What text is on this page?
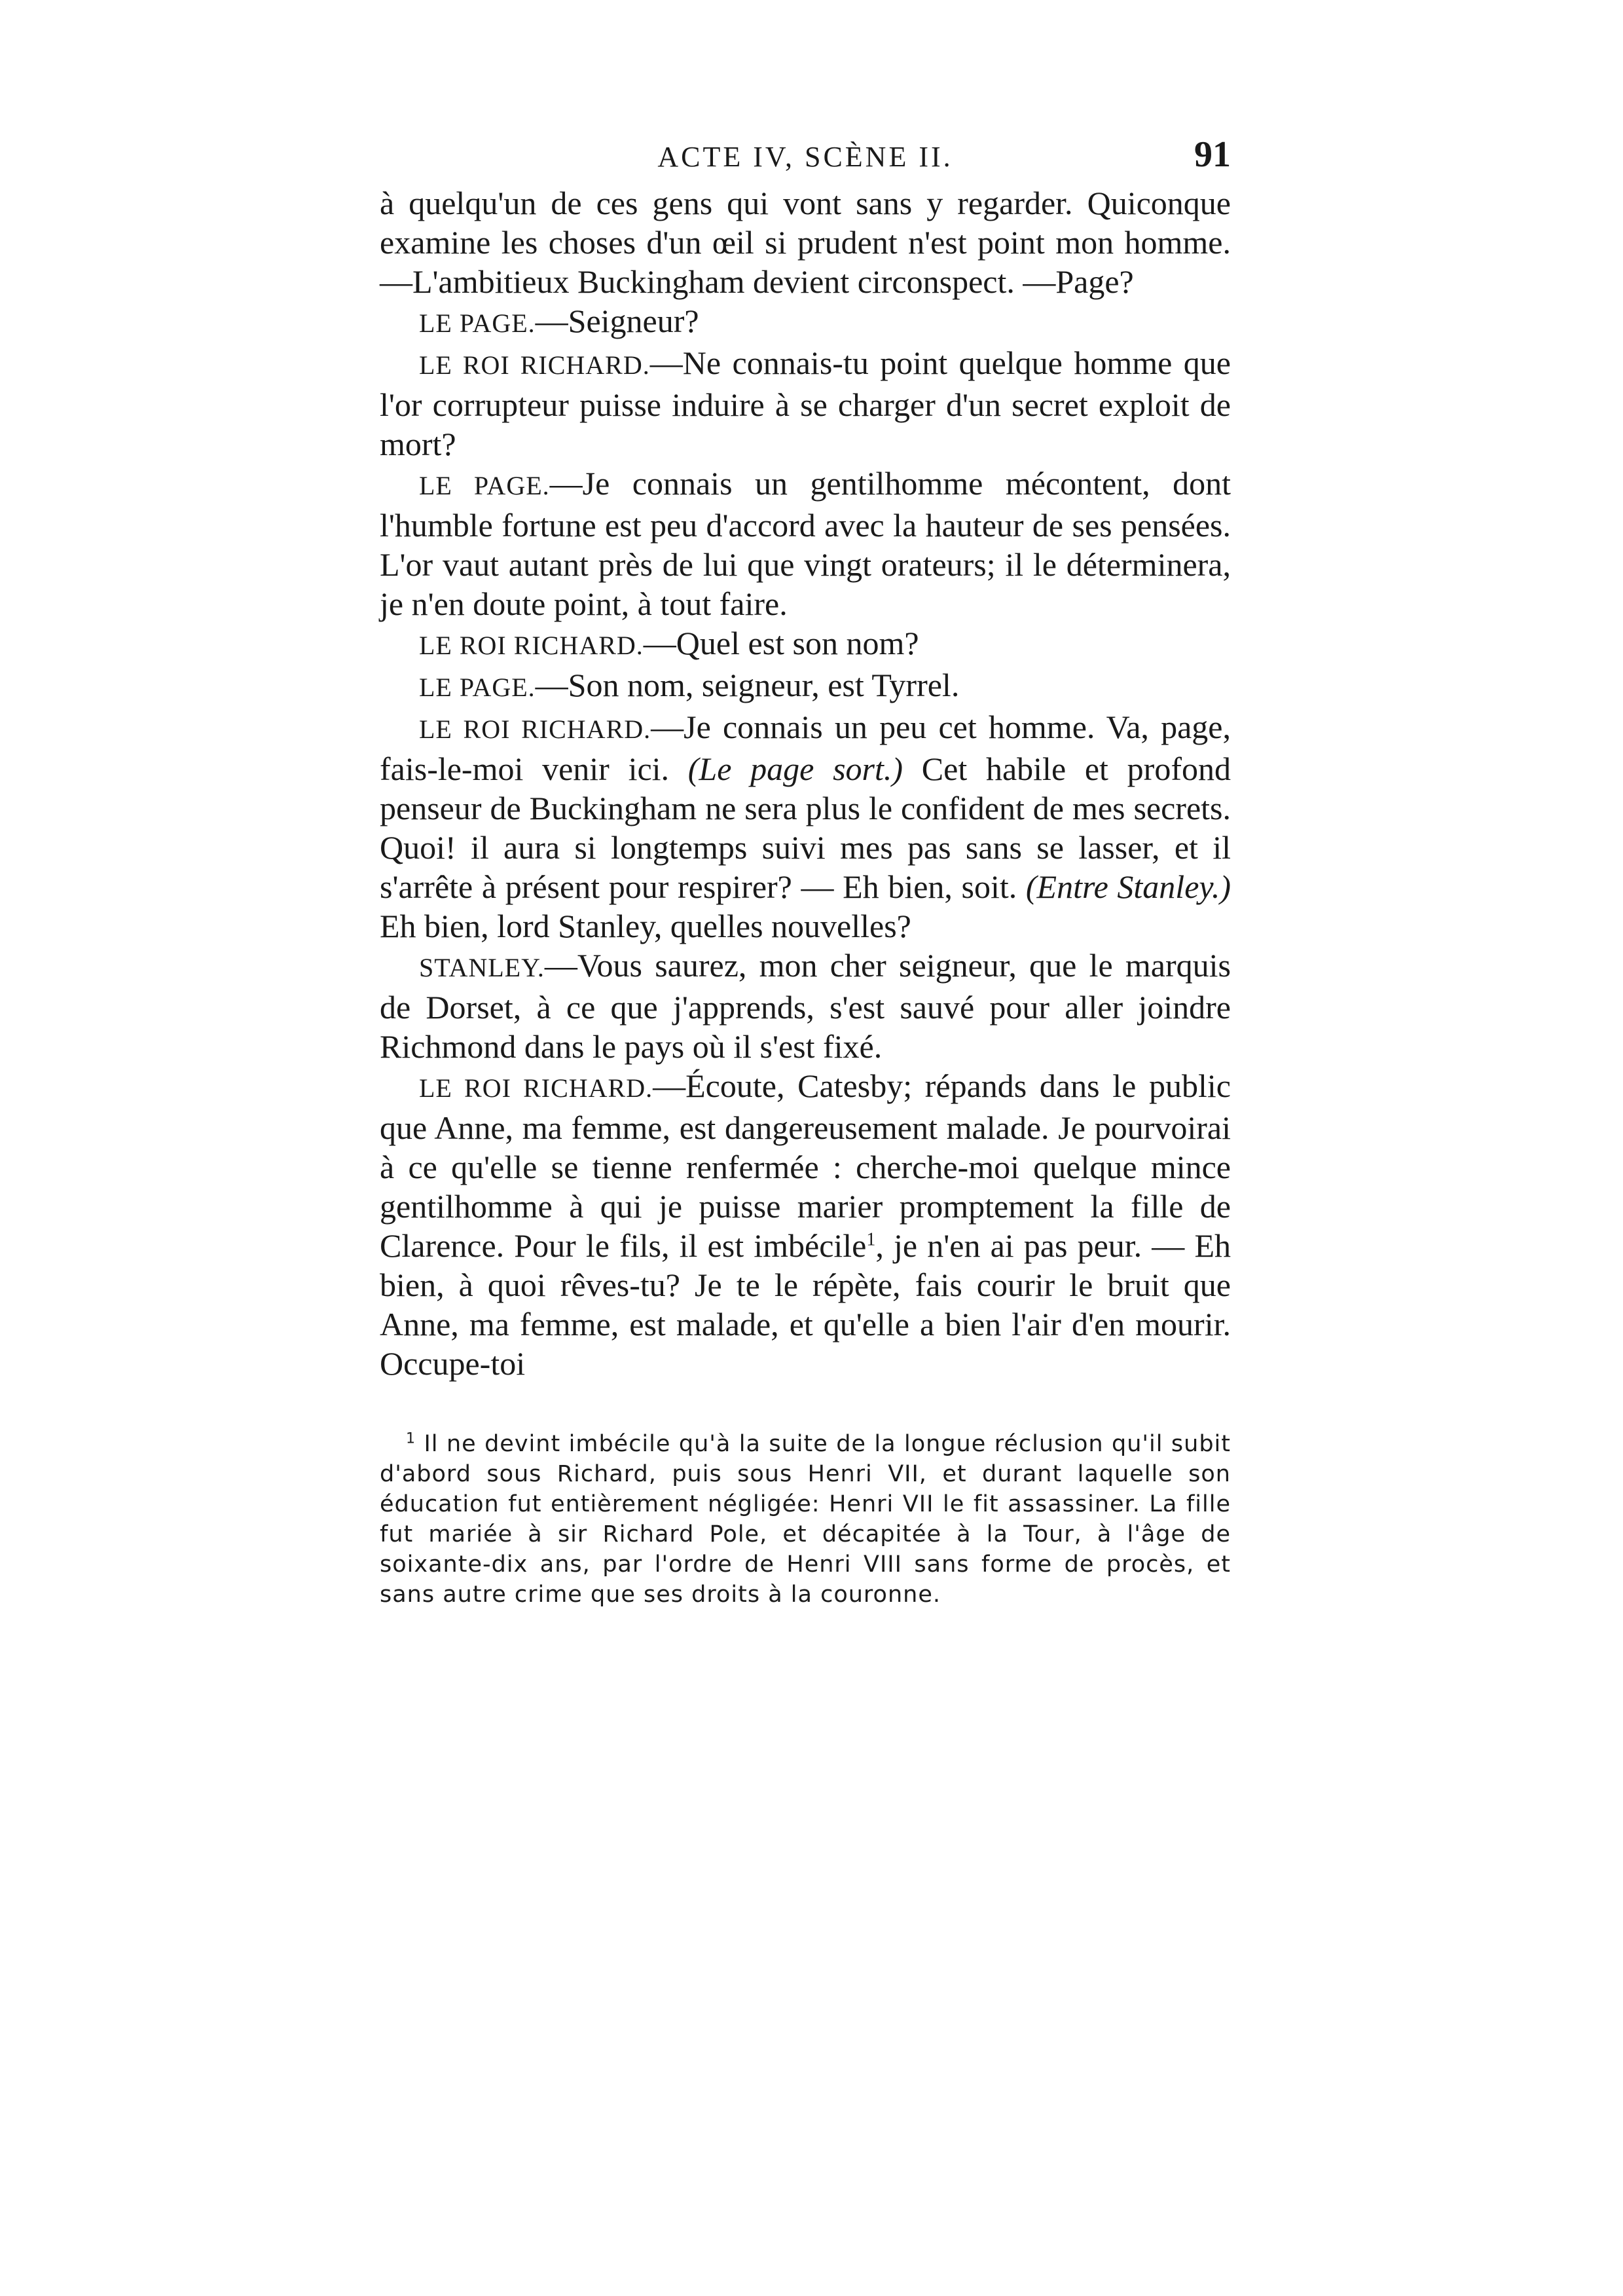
ACTE IV, SCÈNE II.	91

à quelqu'un de ces gens qui vont sans y regarder. Quiconque examine les choses d'un œil si prudent n'est point mon homme.—L'ambitieux Buckingham devient circonspect. —Page?

LE PAGE.—Seigneur?

LE ROI RICHARD.—Ne connais-tu point quelque homme que l'or corrupteur puisse induire à se charger d'un secret exploit de mort?

LE PAGE.—Je connais un gentilhomme mécontent, dont l'humble fortune est peu d'accord avec la hauteur de ses pensées. L'or vaut autant près de lui que vingt orateurs; il le déterminera, je n'en doute point, à tout faire.

LE ROI RICHARD.—Quel est son nom?

LE PAGE.—Son nom, seigneur, est Tyrrel.

LE ROI RICHARD.—Je connais un peu cet homme. Va, page, fais-le-moi venir ici. (Le page sort.) Cet habile et profond penseur de Buckingham ne sera plus le confident de mes secrets. Quoi! il aura si longtemps suivi mes pas sans se lasser, et il s'arrête à présent pour respirer? — Eh bien, soit. (Entre Stanley.) Eh bien, lord Stanley, quelles nouvelles?

STANLEY.—Vous saurez, mon cher seigneur, que le marquis de Dorset, à ce que j'apprends, s'est sauvé pour aller joindre Richmond dans le pays où il s'est fixé.

LE ROI RICHARD.—Écoute, Catesby; répands dans le public que Anne, ma femme, est dangereusement malade. Je pourvoirai à ce qu'elle se tienne renfermée : cherche-moi quelque mince gentilhomme à qui je puisse marier promptement la fille de Clarence. Pour le fils, il est imbécile$^1$, je n'en ai pas peur. — Eh bien, à quoi rêves-tu? Je te le répète, fais courir le bruit que Anne, ma femme, est malade, et qu'elle a bien l'air d'en mourir. Occupe-toi

$^1$ Il ne devint imbécile qu'à la suite de la longue réclusion qu'il subit d'abord sous Richard, puis sous Henri VII, et durant laquelle son éducation fut entièrement négligée: Henri VII le fit assassiner. La fille fut mariée à sir Richard Pole, et décapitée à la Tour, à l'âge de soixante-dix ans, par l'ordre de Henri VIII sans forme de procès, et sans autre crime que ses droits à la couronne.
